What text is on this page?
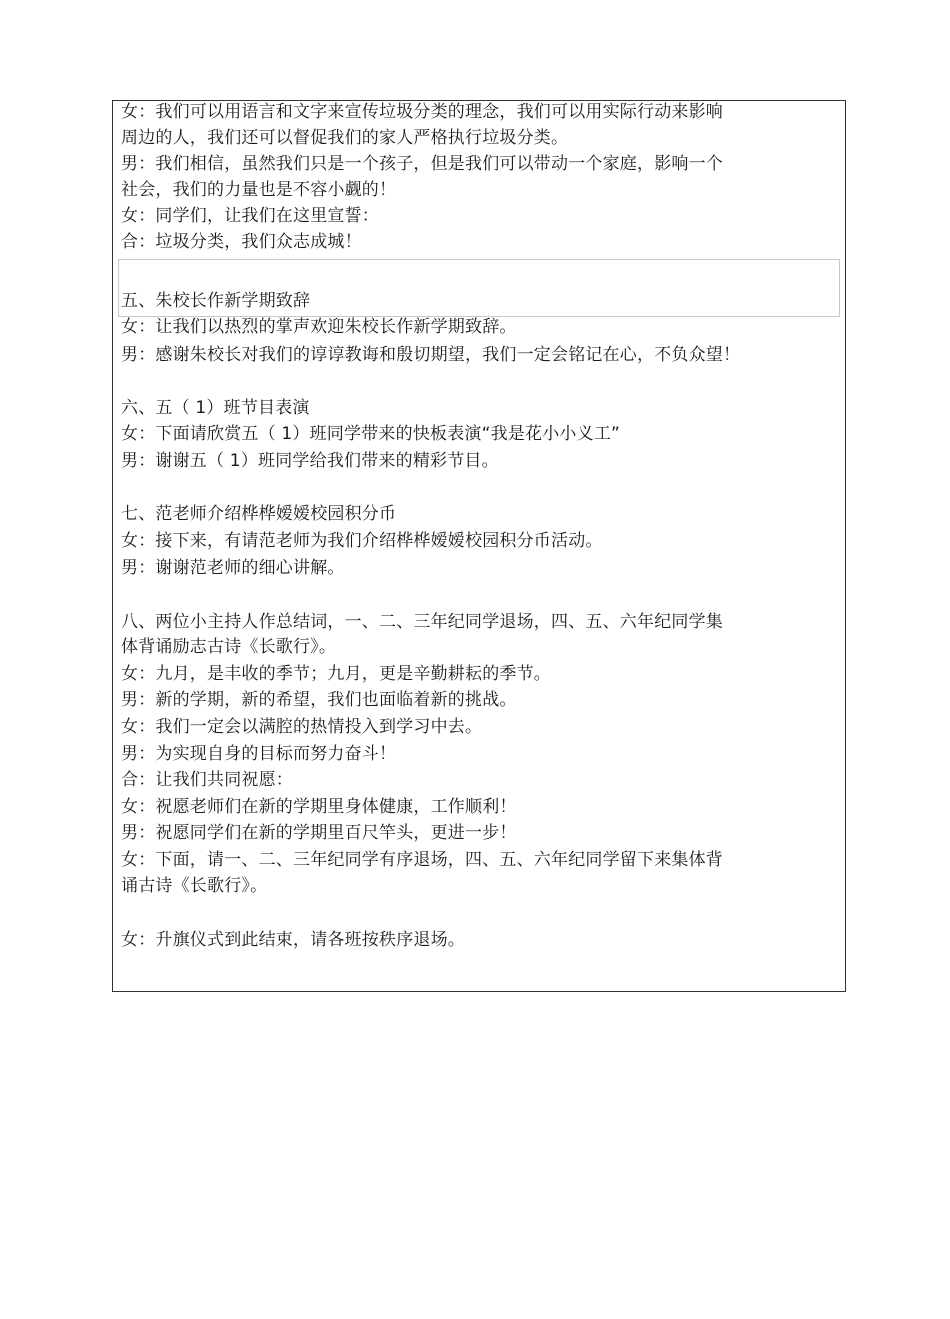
女：我们可以用语言和文字来宣传垃圾分类的理念，我们可以用实际行动来影响
周边的人，我们还可以督促我们的家人严格执行垃圾分类。
男：我们相信，虽然我们只是一个孩子，但是我们可以带动一个家庭，影响一个
社会，我们的力量也是不容小觑的！
女：同学们，让我们在这里宣誓：
合：垃圾分类，我们众志成城！
五、朱校长作新学期致辞
女：让我们以热烈的掌声欢迎朱校长作新学期致辞。
男：感谢朱校长对我们的谆谆教诲和殷切期望，我们一定会铭记在心，不负众望！
六、五（ 1）班节目表演
女：下面请欣赏五（ 1）班同学带来的快板表演“我是花小小义工”
男：谢谢五（ 1）班同学给我们带来的精彩节目。
七、范老师介绍桦桦嫒嫒校园积分币
女：接下来，有请范老师为我们介绍桦桦嫒嫒校园积分币活动。
男：谢谢范老师的细心讲解。
八、两位小主持人作总结词，一、二、三年纪同学退场，四、五、六年纪同学集
体背诵励志古诗《长歌行》。
女：九月，是丰收的季节；九月，更是辛勤耕耘的季节。
男：新的学期，新的希望，我们也面临着新的挑战。
女：我们一定会以满腔的热情投入到学习中去。
男：为实现自身的目标而努力奋斗！
合：让我们共同祝愿：
女：祝愿老师们在新的学期里身体健康，工作顺利！
男：祝愿同学们在新的学期里百尺竿头，更进一步！
女：下面，请一、二、三年纪同学有序退场，四、五、六年纪同学留下来集体背
诵古诗《长歌行》。
女：升旗仪式到此结束，请各班按秩序退场。
